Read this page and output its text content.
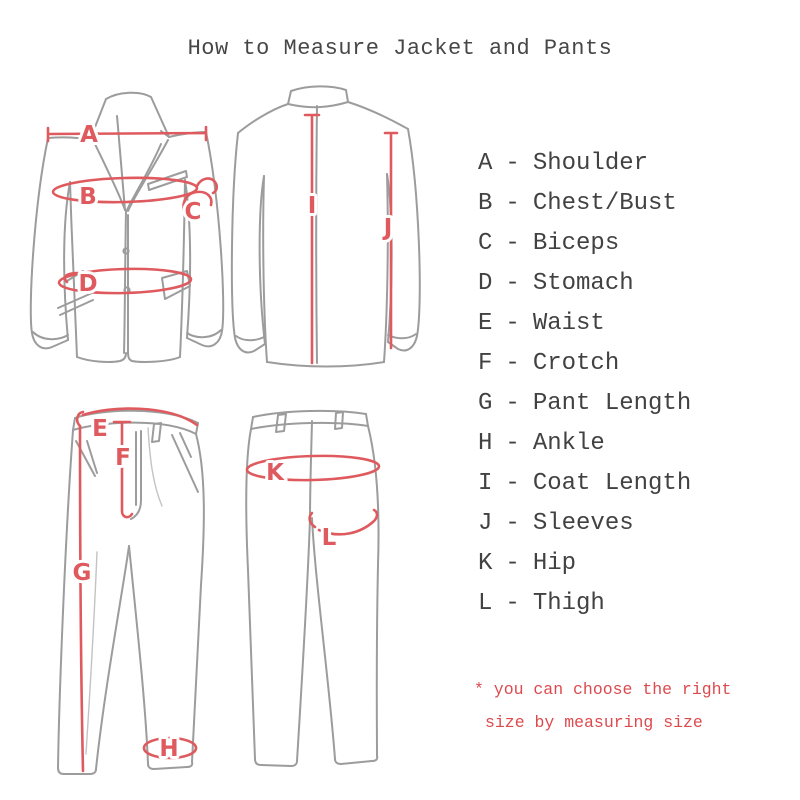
How to Measure Jacket and Pants
A
B
C
D
I
J
E
F
G
H
K
L
A - Shoulder
B - Chest/Bust
C - Biceps
D - Stomach
E - Waist
F - Crotch
G - Pant Length
H - Ankle
I - Coat Length
J - Sleeves
K - Hip
L - Thigh
* you can choose the right
size by measuring size
